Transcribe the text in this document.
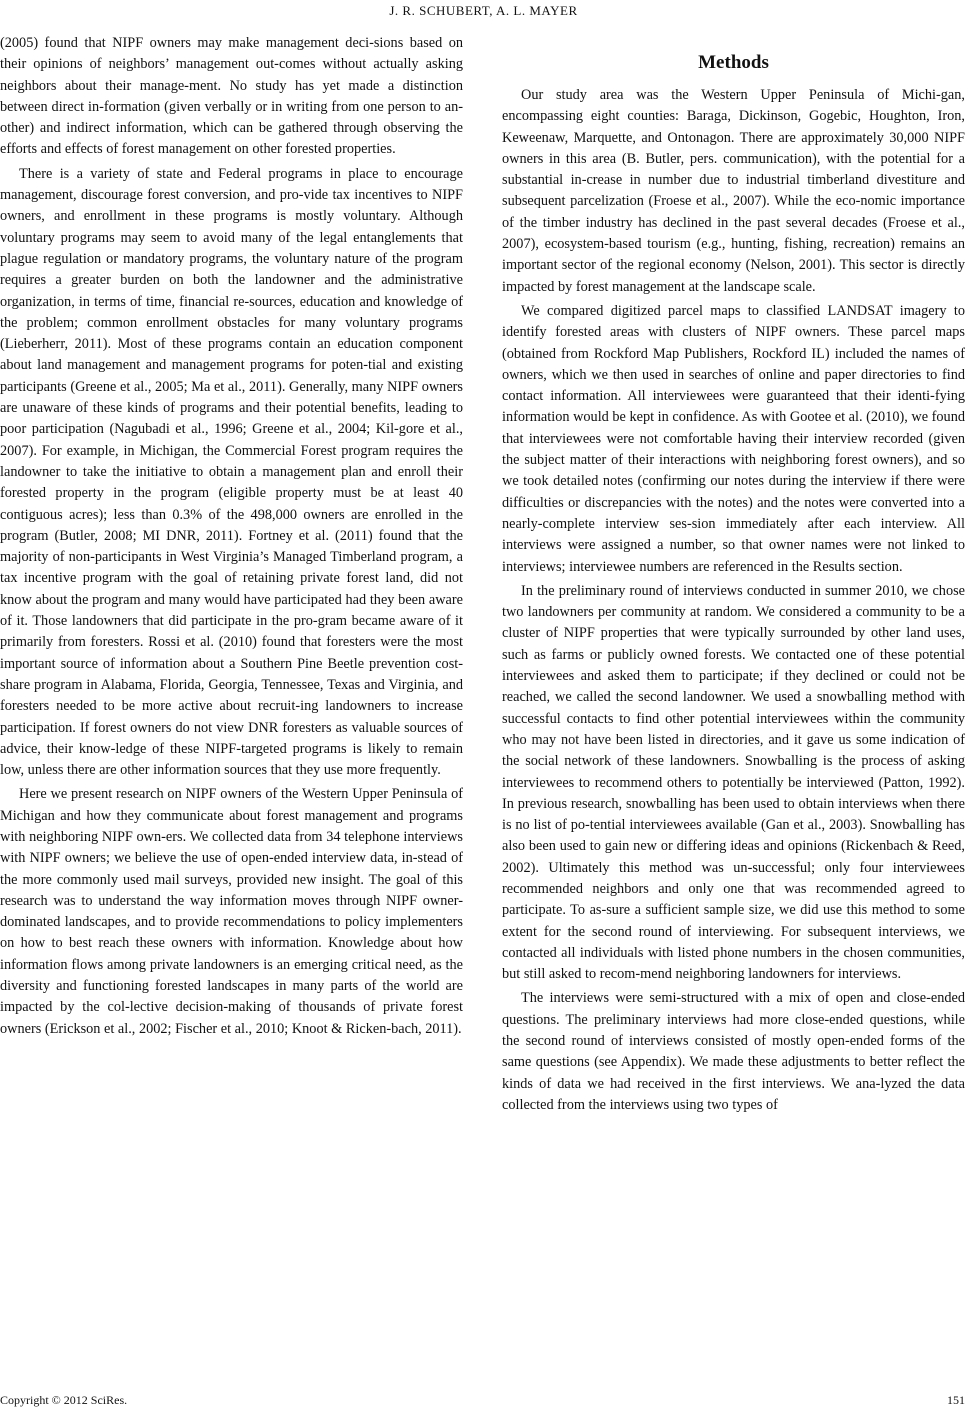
J. R. SCHUBERT, A. L. MAYER

(2005) found that NIPF owners may make management deci-sions based on their opinions of neighbors’ management out-comes without actually asking neighbors about their manage-ment. No study has yet made a distinction between direct in-formation (given verbally or in writing from one person to an-other) and indirect information, which can be gathered through observing the efforts and effects of forest management on other forested properties.

There is a variety of state and Federal programs in place to encourage management, discourage forest conversion, and pro-vide tax incentives to NIPF owners, and enrollment in these programs is mostly voluntary. Although voluntary programs may seem to avoid many of the legal entanglements that plague regulation or mandatory programs, the voluntary nature of the program requires a greater burden on both the landowner and the administrative organization, in terms of time, financial re-sources, education and knowledge of the problem; common enrollment obstacles for many voluntary programs (Lieberherr, 2011). Most of these programs contain an education component about land management and management programs for poten-tial and existing participants (Greene et al., 2005; Ma et al., 2011). Generally, many NIPF owners are unaware of these kinds of programs and their potential benefits, leading to poor participation (Nagubadi et al., 1996; Greene et al., 2004; Kil-gore et al., 2007). For example, in Michigan, the Commercial Forest program requires the landowner to take the initiative to obtain a management plan and enroll their forested property in the program (eligible property must be at least 40 contiguous acres); less than 0.3% of the 498,000 owners are enrolled in the program (Butler, 2008; MI DNR, 2011). Fortney et al. (2011) found that the majority of non-participants in West Virginia’s Managed Timberland program, a tax incentive program with the goal of retaining private forest land, did not know about the program and many would have participated had they been aware of it. Those landowners that did participate in the pro-gram became aware of it primarily from foresters. Rossi et al. (2010) found that foresters were the most important source of information about a Southern Pine Beetle prevention cost-share program in Alabama, Florida, Georgia, Tennessee, Texas and Virginia, and foresters needed to be more active about recruit-ing landowners to increase participation. If forest owners do not view DNR foresters as valuable sources of advice, their know-ledge of these NIPF-targeted programs is likely to remain low, unless there are other information sources that they use more frequently.

Here we present research on NIPF owners of the Western Upper Peninsula of Michigan and how they communicate about forest management and programs with neighboring NIPF own-ers. We collected data from 34 telephone interviews with NIPF owners; we believe the use of open-ended interview data, in-stead of the more commonly used mail surveys, provided new insight. The goal of this research was to understand the way information moves through NIPF owner-dominated landscapes, and to provide recommendations to policy implementers on how to best reach these owners with information. Knowledge about how information flows among private landowners is an emerging critical need, as the diversity and functioning forested landscapes in many parts of the world are impacted by the col-lective decision-making of thousands of private forest owners (Erickson et al., 2002; Fischer et al., 2010; Knoot & Ricken-bach, 2011).

Methods

Our study area was the Western Upper Peninsula of Michi-gan, encompassing eight counties: Baraga, Dickinson, Gogebic, Houghton, Iron, Keweenaw, Marquette, and Ontonagon. There are approximately 30,000 NIPF owners in this area (B. Butler, pers. communication), with the potential for a substantial in-crease in number due to industrial timberland divestiture and subsequent parcelization (Froese et al., 2007). While the eco-nomic importance of the timber industry has declined in the past several decades (Froese et al., 2007), ecosystem-based tourism (e.g., hunting, fishing, recreation) remains an important sector of the regional economy (Nelson, 2001). This sector is directly impacted by forest management at the landscape scale.

We compared digitized parcel maps to classified LANDSAT imagery to identify forested areas with clusters of NIPF owners. These parcel maps (obtained from Rockford Map Publishers, Rockford IL) included the names of owners, which we then used in searches of online and paper directories to find contact information. All interviewees were guaranteed that their identi-fying information would be kept in confidence. As with Gootee et al. (2010), we found that interviewees were not comfortable having their interview recorded (given the subject matter of their interactions with neighboring forest owners), and so we took detailed notes (confirming our notes during the interview if there were difficulties or discrepancies with the notes) and the notes were converted into a nearly-complete interview ses-sion immediately after each interview. All interviews were assigned a number, so that owner names were not linked to interviews; interviewee numbers are referenced in the Results section.

In the preliminary round of interviews conducted in summer 2010, we chose two landowners per community at random. We considered a community to be a cluster of NIPF properties that were typically surrounded by other land uses, such as farms or publicly owned forests. We contacted one of these potential interviewees and asked them to participate; if they declined or could not be reached, we called the second landowner. We used a snowballing method with successful contacts to find other potential interviewees within the community who may not have been listed in directories, and it gave us some indication of the social network of these landowners. Snowballing is the process of asking interviewees to recommend others to potentially be interviewed (Patton, 1992). In previous research, snowballing has been used to obtain interviews when there is no list of po-tential interviewees available (Gan et al., 2003). Snowballing has also been used to gain new or differing ideas and opinions (Rickenbach & Reed, 2002). Ultimately this method was un-successful; only four interviewees recommended neighbors and only one that was recommended agreed to participate. To as-sure a sufficient sample size, we did use this method to some extent for the second round of interviewing. For subsequent interviews, we contacted all individuals with listed phone numbers in the chosen communities, but still asked to recom-mend neighboring landowners for interviews.

The interviews were semi-structured with a mix of open and close-ended questions. The preliminary interviews had more close-ended questions, while the second round of interviews consisted of mostly open-ended forms of the same questions (see Appendix). We made these adjustments to better reflect the kinds of data we had received in the first interviews. We ana-lyzed the data collected from the interviews using two types of

Copyright © 2012 SciRes.	151
